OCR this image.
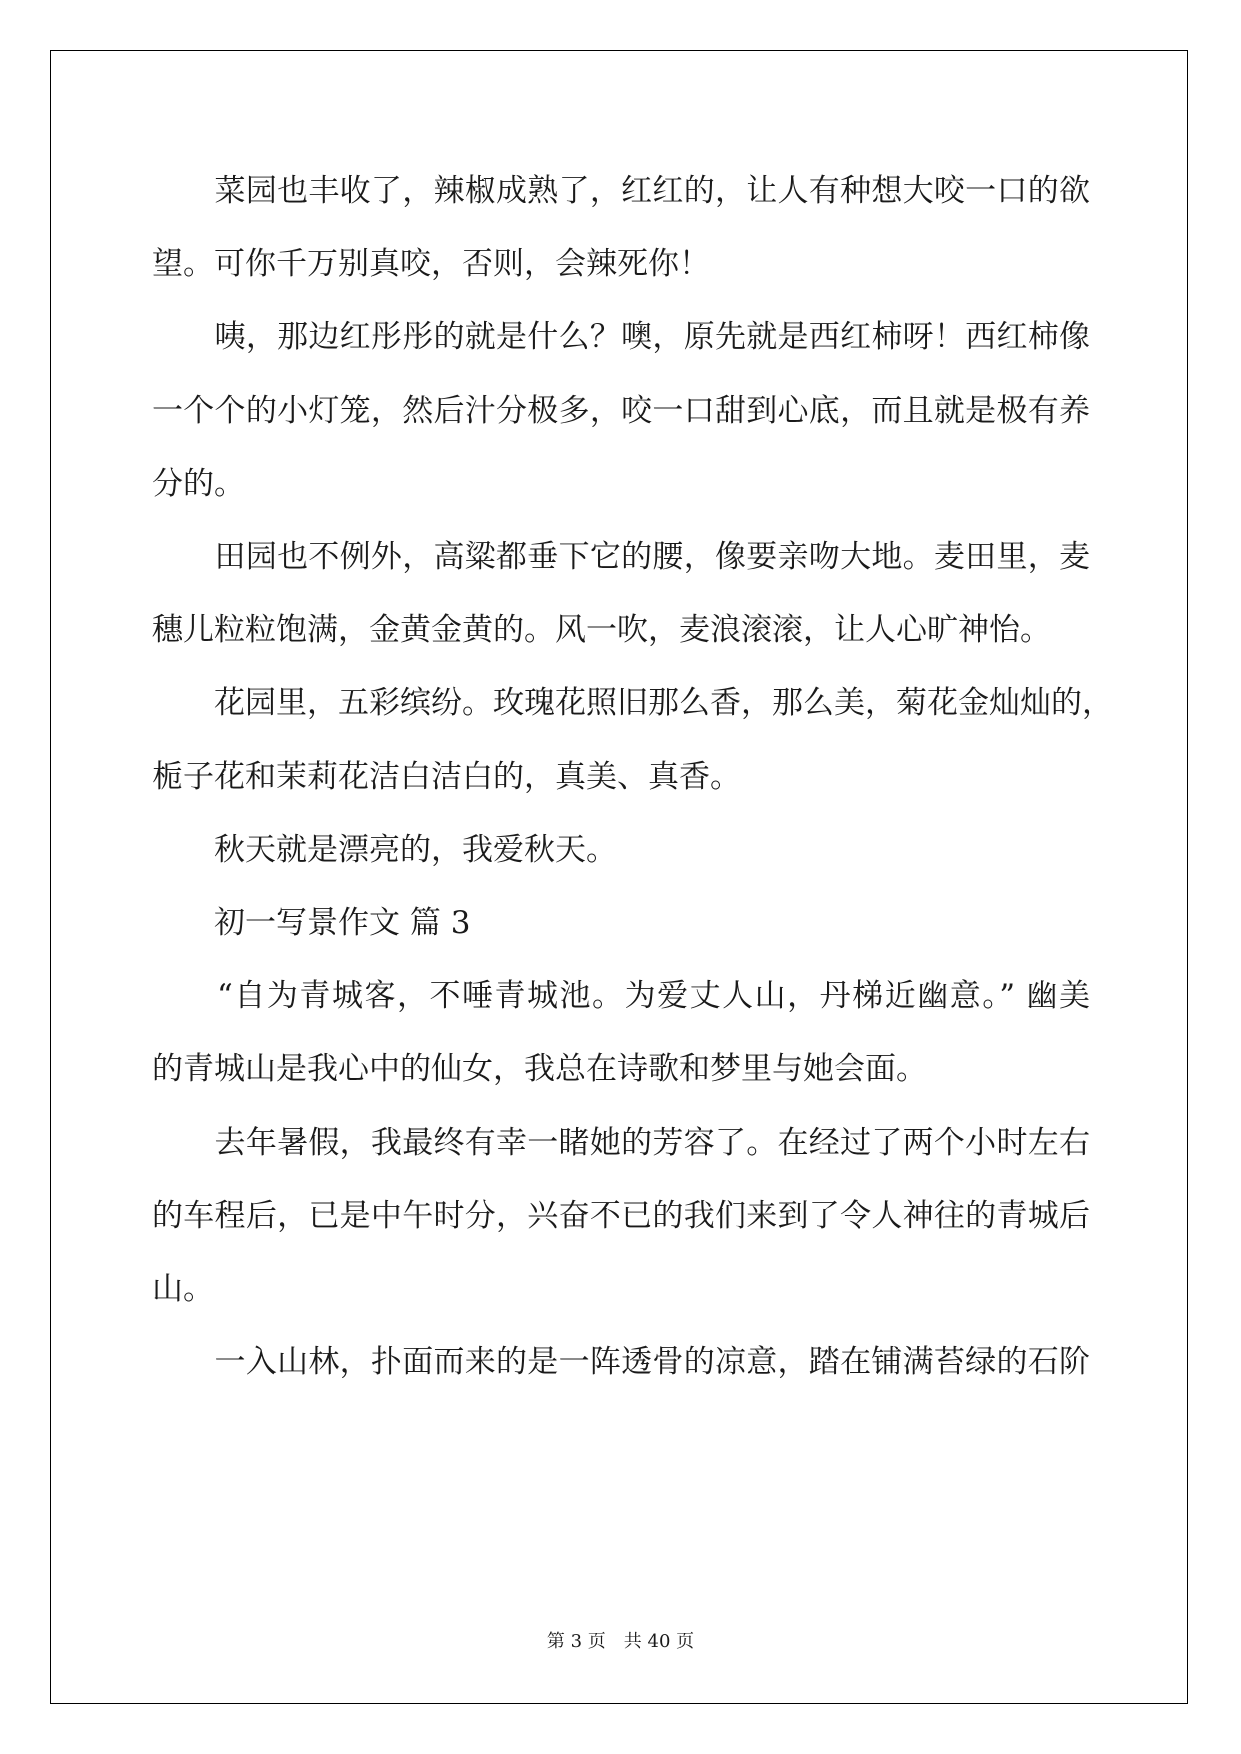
　　菜园也丰收了，辣椒成熟了，红红的，让人有种想大咬一口的欲
望。可你千万别真咬，否则，会辣死你！
　　咦，那边红彤彤的就是什么？噢，原先就是西红柿呀！西红柿像
一个个的小灯笼，然后汁分极多，咬一口甜到心底，而且就是极有养
分的。
　　田园也不例外，高粱都垂下它的腰，像要亲吻大地。麦田里，麦
穗儿粒粒饱满，金黄金黄的。风一吹，麦浪滚滚，让人心旷神怡。
　　花园里，五彩缤纷。玫瑰花照旧那么香，那么美，菊花金灿灿的，
栀子花和茉莉花洁白洁白的，真美、真香。
　　秋天就是漂亮的，我爱秋天。
　　初一写景作文 篇 3
　　“自为青城客，不唾青城池。为爱丈人山，丹梯近幽意。” 幽美
的青城山是我心中的仙女，我总在诗歌和梦里与她会面。
　　去年暑假，我最终有幸一睹她的芳容了。在经过了两个小时左右
的车程后，已是中午时分，兴奋不已的我们来到了令人神往的青城后
山。
　　一入山林，扑面而来的是一阵透骨的凉意，踏在铺满苔绿的石阶
第 3 页　共 40 页
